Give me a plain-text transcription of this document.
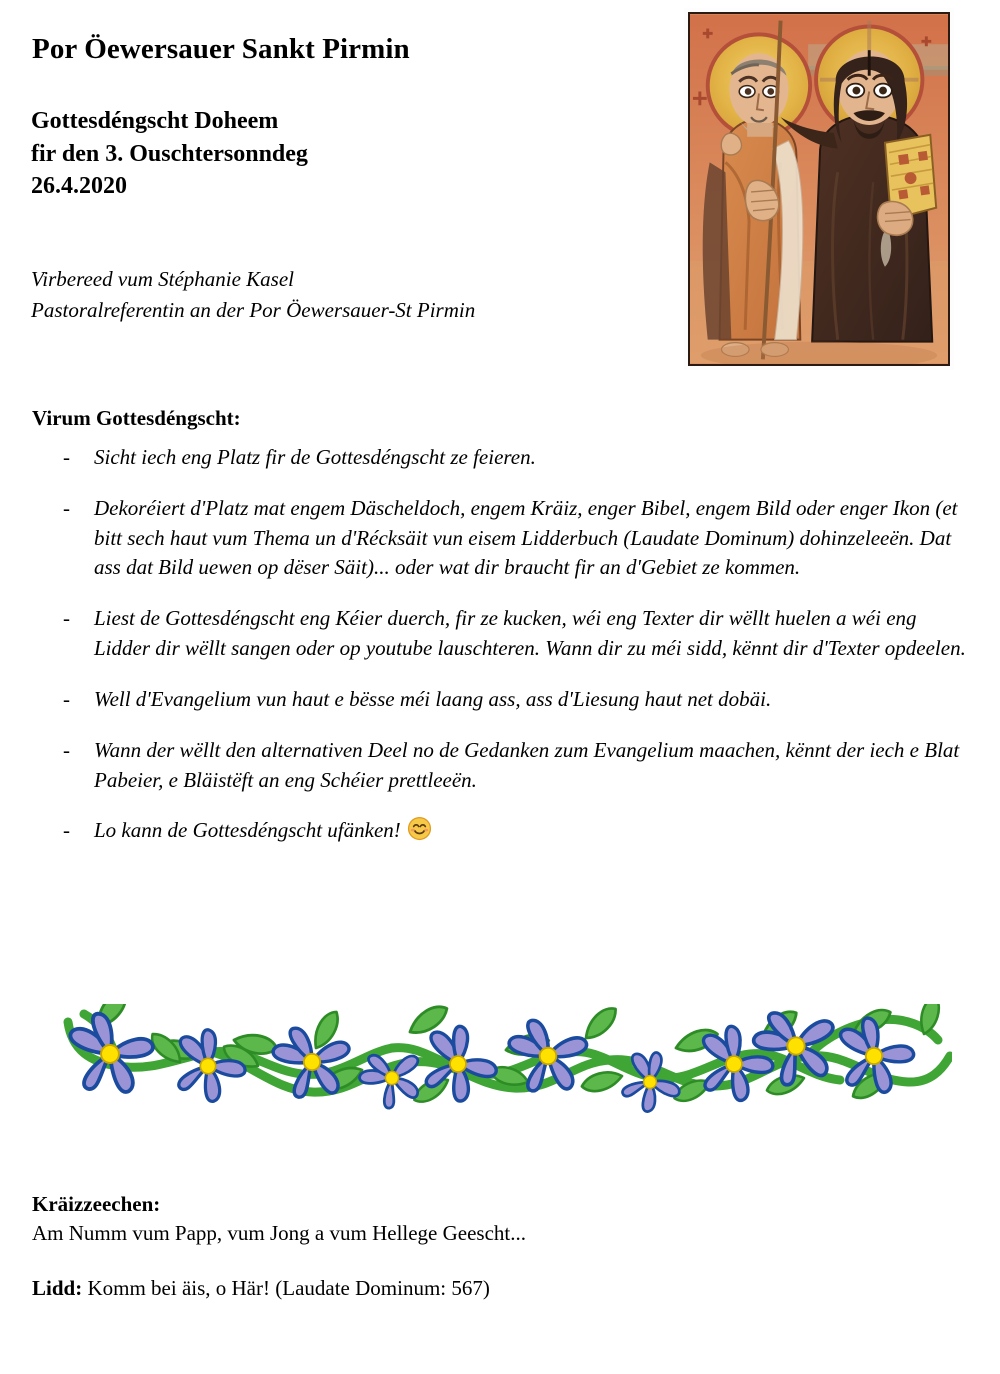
Por Öewersauer Sankt Pirmin
Gottesdéngscht Doheem
fir den 3. Ouschtersonndeg
26.4.2020
Virbereed vum Stéphanie Kasel
Pastoralreferentin an der Por Öewersauer-St Pirmin
Virum Gottesdéngscht:
- Sicht iech eng Platz fir de Gottesdéngscht ze feieren.
- Dekoréiert d'Platz mat engem Däscheldoch, engem Kräiz, enger Bibel, engem Bild oder enger Ikon (et bitt sech haut vum Thema un d'Récksäit vun eisem Lidderbuch (Laudate Dominum) dohinzeleeën. Dat ass dat Bild uewen op dëser Säit)... oder wat dir braucht fir an d'Gebiet ze kommen.
- Liest de Gottesdéngscht eng Kéier duerch, fir ze kucken, wéi eng Texter dir wëllt huelen a wéi eng Lidder dir wëllt sangen oder op youtube lauschteren. Wann dir zu méi sidd, kënnt dir d'Texter opdeelen.
- Well d'Evangelium vun haut e bësse méi laang ass, ass d'Liesung haut net dobäi.
- Wann der wëllt den alternativen Deel no de Gedanken zum Evangelium maachen, kënnt der iech e Blat Pabeier, e Bläistëft an eng Schéier prettleeën.
- Lo kann de Gottesdéngscht ufänken!
Kräizzeechen:
Am Numm vum Papp, vum Jong a vum Hellege Geescht...
Lidd: Komm bei äis, o Här! (Laudate Dominum: 567)
